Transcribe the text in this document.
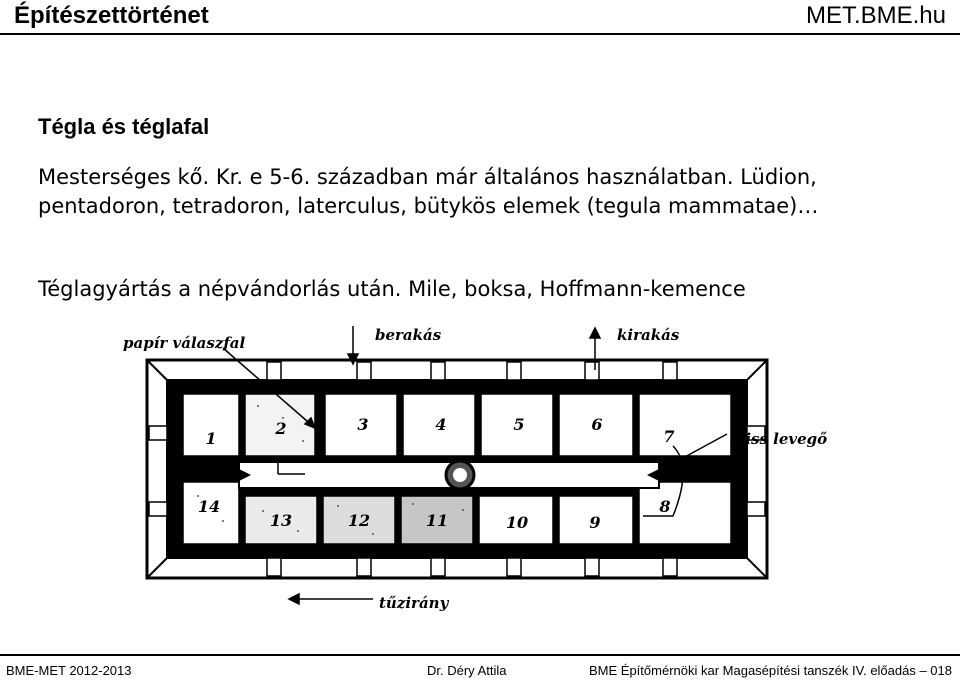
Építészettörténet	MET.BME.hu
Tégla és téglafal
Mesterséges kő. Kr. e 5-6. században már általános használatban. Lüdion, pentadoron, tetradoron, laterculus, bütykös elemek (tegula mammatae)…
Téglagyártás a népvándorlás után. Mile, boksa, Hoffmann-kemence
1
2	3	4	5	6
7
14
13	12	11	10	9
8
papír válaszfal	berakás	kirakás
friss levegő
tűzirány
BME-MET 2012-2013	Dr. Déry Attila	BME Építőmérnöki kar Magasépítési tanszék IV. előadás – 018
